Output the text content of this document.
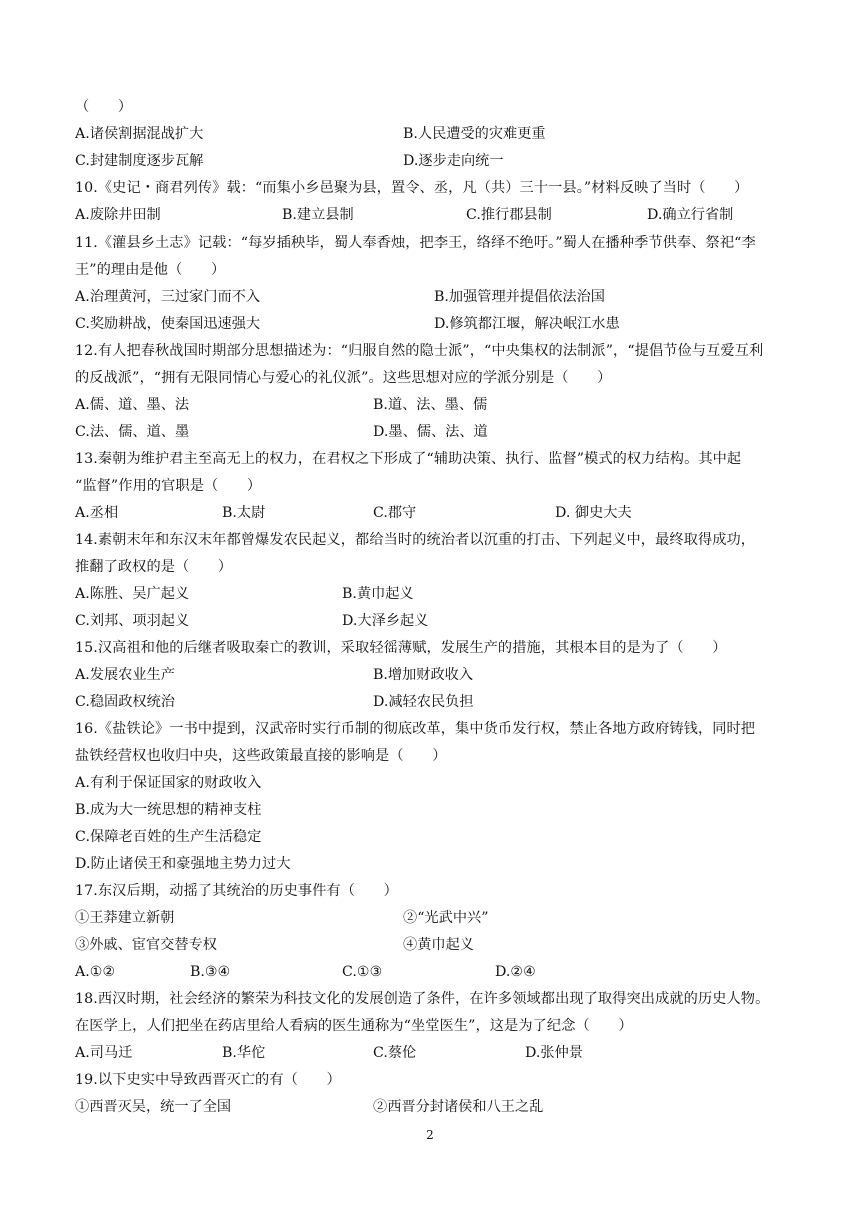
（　　）
A.诸侯割据混战扩大	B.人民遭受的灾难更重
C.封建制度逐步瓦解	D.逐步走向统一
10.《史记・商君列传》载：“而集小乡邑聚为县，置令、丞，凡（共）三十一县。”材料反映了当时（　　）
A.废除井田制	B.建立县制	C.推行郡县制	D.确立行省制
11.《灌县乡土志》记载：“每岁插秧毕，蜀人奉香烛，把李王，络绎不绝吁。”蜀人在播种季节供奉、祭祀“李
王”的理由是他（　　）
A.治理黄河，三过家门而不入	B.加强管理并提倡依法治国
C.奖励耕战，使秦国迅速强大	D.修筑都江堰，解决岷江水患
12.有人把春秋战国时期部分思想描述为：“归服自然的隐士派”，“中央集权的法制派”，“提倡节俭与互爱互利
的反战派”，“拥有无限同情心与爱心的礼仪派”。这些思想对应的学派分别是（　　）
A.儒、道、墨、法	B.道、法、墨、儒
C.法、儒、道、墨	D.墨、儒、法、道
13.秦朝为维护君主至高无上的权力，在君权之下形成了“辅助决策、执行、监督”模式的权力结构。其中起
“监督”作用的官职是（　　）
A.丞相	B.太尉	C.郡守	D. 御史大夫
14.素朝末年和东汉末年都曾爆发农民起义，都给当时的统治者以沉重的打击、下列起义中，最终取得成功，
推翻了政权的是（　　）
A.陈胜、吴广起义	B.黄巾起义
C.刘邦、项羽起义	D.大泽乡起义
15.汉高祖和他的后继者吸取秦亡的教训，采取轻徭薄赋，发展生产的措施，其根本目的是为了（　　）
A.发展农业生产	B.增加财政收入
C.稳固政权统治	D.减轻农民负担
16.《盐铁论》一书中提到，汉武帝时实行币制的彻底改革，集中货币发行权，禁止各地方政府铸钱，同时把
盐铁经营权也收归中央，这些政策最直接的影响是（　　）
A.有利于保证国家的财政收入
B.成为大一统思想的精神支柱
C.保障老百姓的生产生活稳定
D.防止诸侯王和豪强地主势力过大
17.东汉后期，动摇了其统治的历史事件有（　　）
①王莽建立新朝	②“光武中兴”
③外戚、宦官交替专权	④黄巾起义
A.①②	B.③④	C.①③	D.②④
18.西汉时期，社会经济的繁荣为科技文化的发展创造了条件，在许多领域都出现了取得突出成就的历史人物。
在医学上，人们把坐在药店里给人看病的医生通称为“坐堂医生”，这是为了纪念（　　）
A.司马迁	B.华佗	C.蔡伦	D.张仲景
19.以下史实中导致西晋灭亡的有（　　）
①西晋灭吴，统一了全国	②西晋分封诸侯和八王之乱
2
